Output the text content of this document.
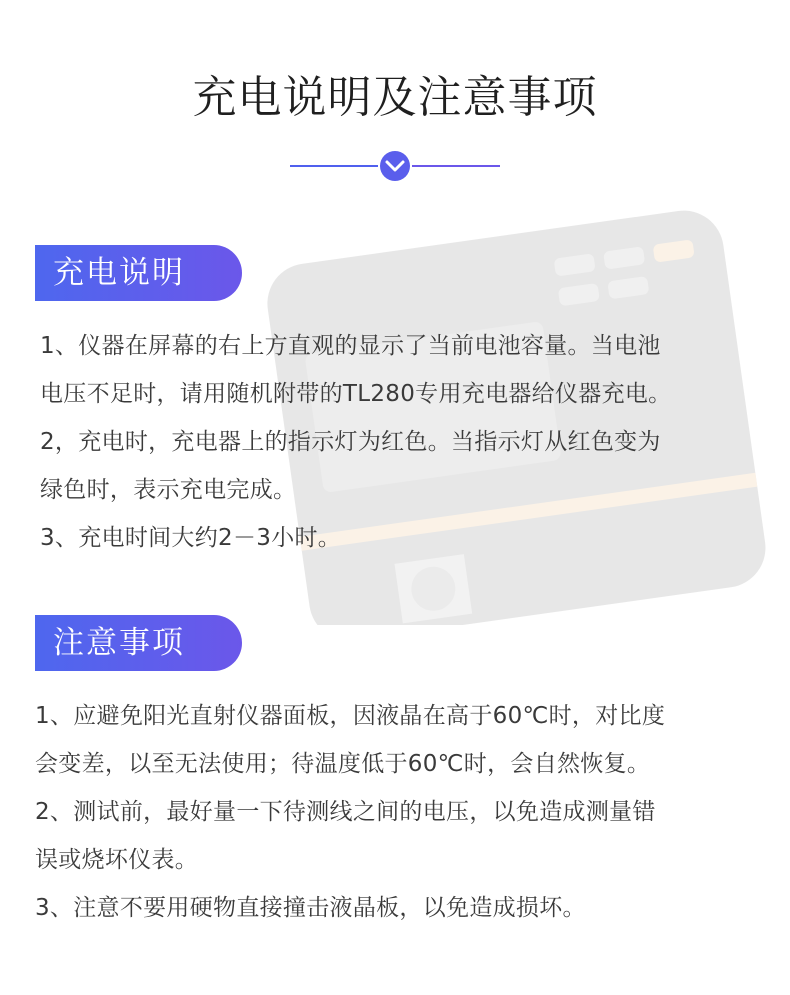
充电说明及注意事项
充电说明

1、仪器在屏幕的右上方直观的显示了当前电池容量。当电池

电压不足时，请用随机附带的TL280专用充电器给仪器充电。

2，充电时，充电器上的指示灯为红色。当指示灯从红色变为

绿色时，表示充电完成。

3、充电时间大约2－3小时。

注意事项

1、应避免阳光直射仪器面板，因液晶在高于60℃时，对比度

会变差，以至无法使用；待温度低于60℃时，会自然恢复。

2、测试前，最好量一下待测线之间的电压，以免造成测量错

误或烧坏仪表。

3、注意不要用硬物直接撞击液晶板，以免造成损坏。
